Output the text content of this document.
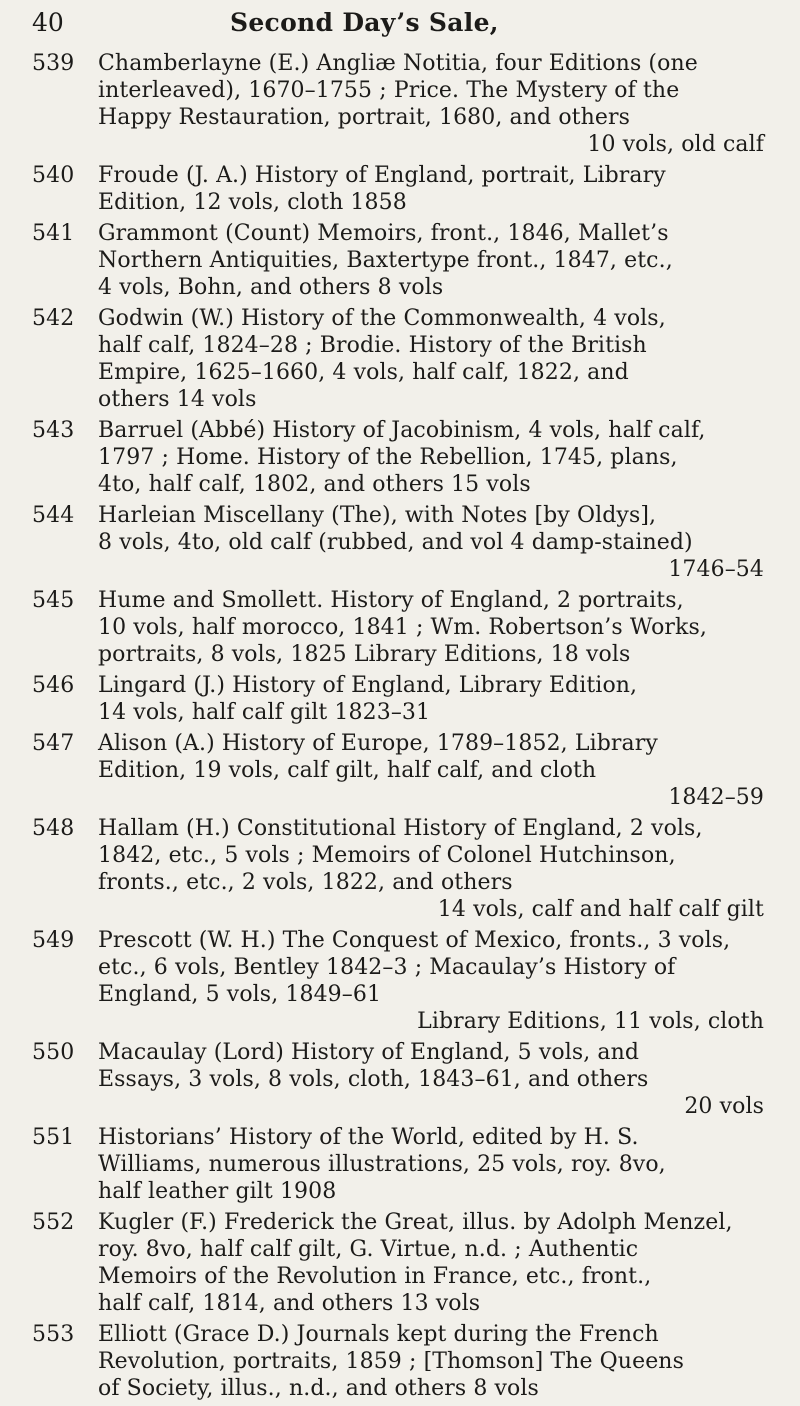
40	Second Day’s Sale,
539 Chamberlayne (E.) Angliæ Notitia, four Editions (one
interleaved), 1670–1755 ; Price. The Mystery of the
Happy Restauration, portrait, 1680, and others
10 vols, old calf
540 Froude (J. A.) History of England, portrait, Library
Edition, 12 vols, cloth 1858
541 Grammont (Count) Memoirs, front., 1846, Mallet’s
Northern Antiquities, Baxtertype front., 1847, etc.,
4 vols, Bohn, and others 8 vols
542 Godwin (W.) History of the Commonwealth, 4 vols,
half calf, 1824–28 ; Brodie. History of the British
Empire, 1625–1660, 4 vols, half calf, 1822, and
others 14 vols
543 Barruel (Abbé) History of Jacobinism, 4 vols, half calf,
1797 ; Home. History of the Rebellion, 1745, plans,
4to, half calf, 1802, and others 15 vols
544 Harleian Miscellany (The), with Notes [by Oldys],
8 vols, 4to, old calf (rubbed, and vol 4 damp-stained)
1746–54
545 Hume and Smollett. History of England, 2 portraits,
10 vols, half morocco, 1841 ; Wm. Robertson’s Works,
portraits, 8 vols, 1825 Library Editions, 18 vols
546 Lingard (J.) History of England, Library Edition,
14 vols, half calf gilt 1823–31
547 Alison (A.) History of Europe, 1789–1852, Library
Edition, 19 vols, calf gilt, half calf, and cloth
1842–59
548 Hallam (H.) Constitutional History of England, 2 vols,
1842, etc., 5 vols ; Memoirs of Colonel Hutchinson,
fronts., etc., 2 vols, 1822, and others
14 vols, calf and half calf gilt
549 Prescott (W. H.) The Conquest of Mexico, fronts., 3 vols,
etc., 6 vols, Bentley 1842–3 ; Macaulay’s History of
England, 5 vols, 1849–61
Library Editions, 11 vols, cloth
550 Macaulay (Lord) History of England, 5 vols, and
Essays, 3 vols, 8 vols, cloth, 1843–61, and others
20 vols
551 Historians’ History of the World, edited by H. S.
Williams, numerous illustrations, 25 vols, roy. 8vo,
half leather gilt 1908
552 Kugler (F.) Frederick the Great, illus. by Adolph Menzel,
roy. 8vo, half calf gilt, G. Virtue, n.d. ; Authentic
Memoirs of the Revolution in France, etc., front.,
half calf, 1814, and others 13 vols
553 Elliott (Grace D.) Journals kept during the French
Revolution, portraits, 1859 ; [Thomson] The Queens
of Society, illus., n.d., and others 8 vols
